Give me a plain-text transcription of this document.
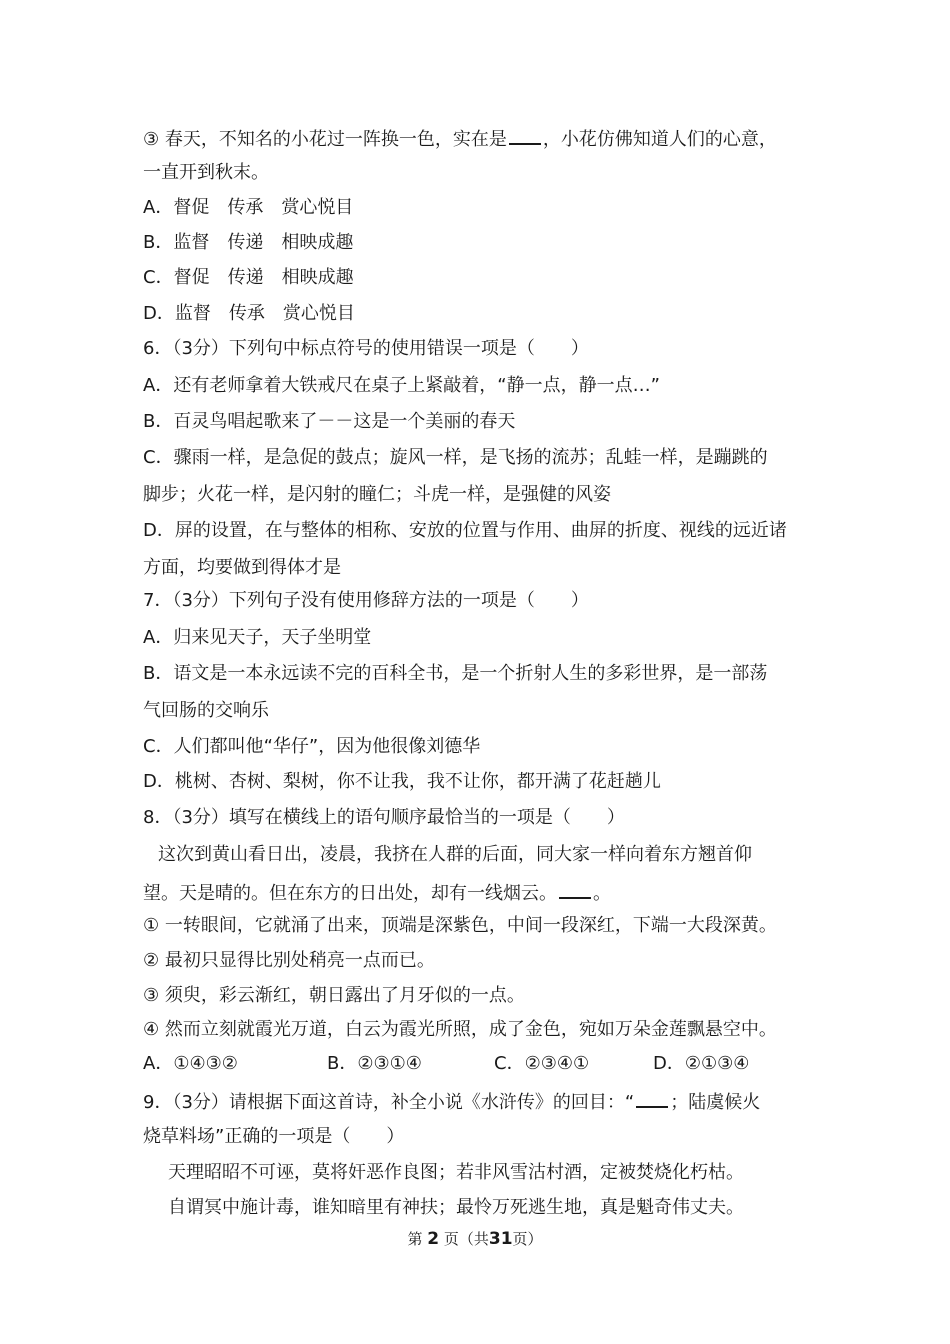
③ 春天，不知名的小花过一阵换一色，实在是 ，小花仿佛知道人们的心意，
一直开到秋末。
A．督促　传承　赏心悦目
B．监督　传递　相映成趣
C．督促　传递　相映成趣
D．监督　传承　赏心悦目
6．（3分）下列句中标点符号的使用错误一项是（　　）
A．还有老师拿着大铁戒尺在桌子上紧敲着，“静一点，静一点…”
B．百灵鸟唱起歌来了－－这是一个美丽的春天
C．骤雨一样，是急促的鼓点；旋风一样，是飞扬的流苏；乱蛙一样，是蹦跳的
脚步；火花一样，是闪射的瞳仁；斗虎一样，是强健的风姿
D．屏的设置，在与整体的相称、安放的位置与作用、曲屏的折度、视线的远近诸
方面，均要做到得体才是
7．（3分）下列句子没有使用修辞方法的一项是（　　）
A．归来见天子，天子坐明堂
B．语文是一本永远读不完的百科全书，是一个折射人生的多彩世界，是一部荡
气回肠的交响乐
C．人们都叫他“华仔”，因为他很像刘德华
D．桃树、杏树、梨树，你不让我，我不让你，都开满了花赶趟儿
8．（3分）填写在横线上的语句顺序最恰当的一项是（　　）
这次到黄山看日出，凌晨，我挤在人群的后面，同大家一样向着东方翘首仰
望。天是晴的。但在东方的日出处，却有一线烟云。 。
① 一转眼间，它就涌了出来，顶端是深紫色，中间一段深红，下端一大段深黄。
② 最初只显得比别处稍亮一点而已。
③ 须臾，彩云渐红，朝日露出了月牙似的一点。
④ 然而立刻就霞光万道，白云为霞光所照，成了金色，宛如万朵金莲飘悬空中。
A．①④③②	B．②③①④	C．②③④①	D．②①③④
9．（3分）请根据下面这首诗，补全小说《水浒传》的回目：“ ；陆虞候火
烧草料场”正确的一项是（　　）
天理昭昭不可诬，莫将奸恶作良图；若非风雪沽村酒，定被焚烧化朽枯。
自谓冥中施计毒，谁知暗里有神扶；最怜万死逃生地，真是魁奇伟丈夫。
第 2 页（共31页）
